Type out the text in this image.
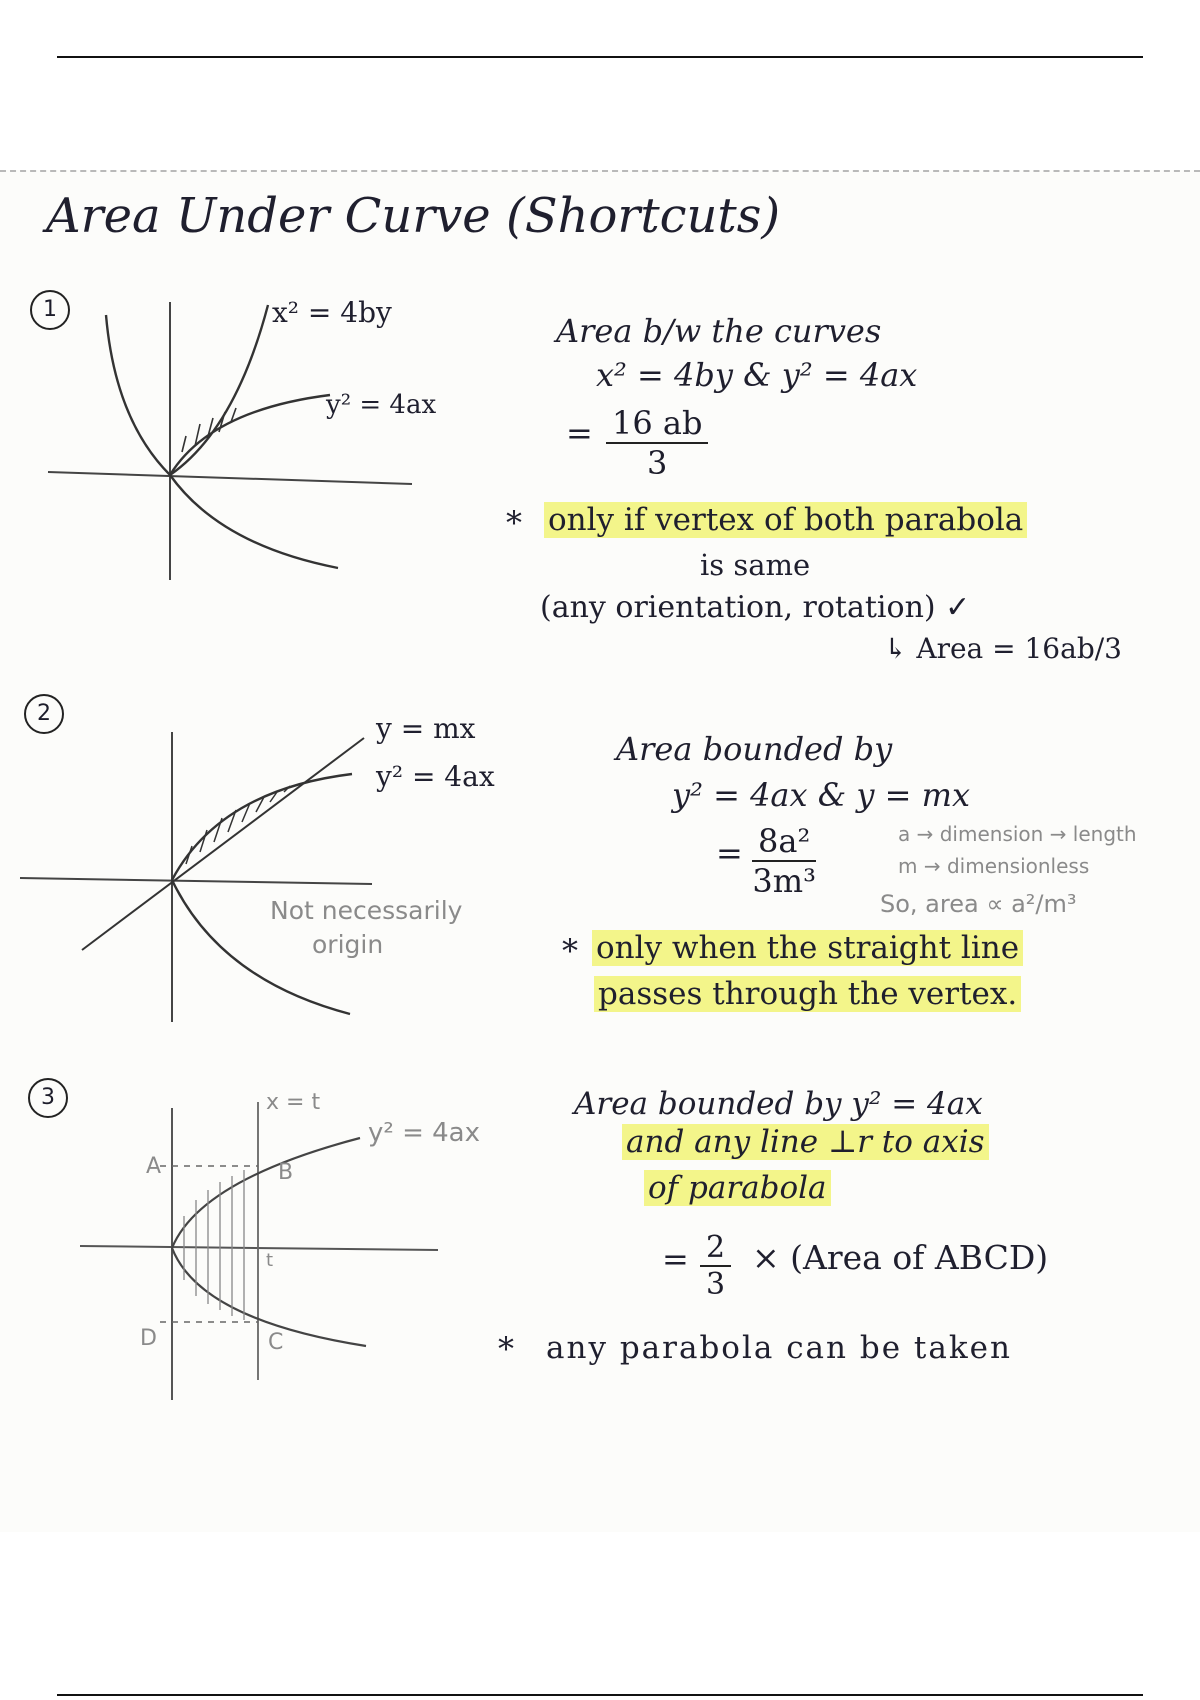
Area Under Curve (Shortcuts)
1	x² = 4by
y² = 4ax
Area b/w the curves
x² = 4by & y² = 4ax
= $\frac{16 ab}{3}$
* only if vertex of both parabola
is same
(any orientation, rotation) ✓
↳ Area = 16ab/3
2	y = mx
y² = 4ax
Not necessarily
origin
Area bounded by
y² = 4ax & y = mx
= $\frac{\text{8a²}}{\text{3m³}}$	a → dimension → length
m → dimensionless
So, area ∝ a²/m³
* only when the straight line
passes through the vertex.
3	x = t
y² = 4ax
A	B
C
D
t
Area bounded by y² = 4ax
and any line ⊥r to axis
of parabola
= $\frac{2}{3}$ × (Area of ABCD)
* any parabola can be taken
